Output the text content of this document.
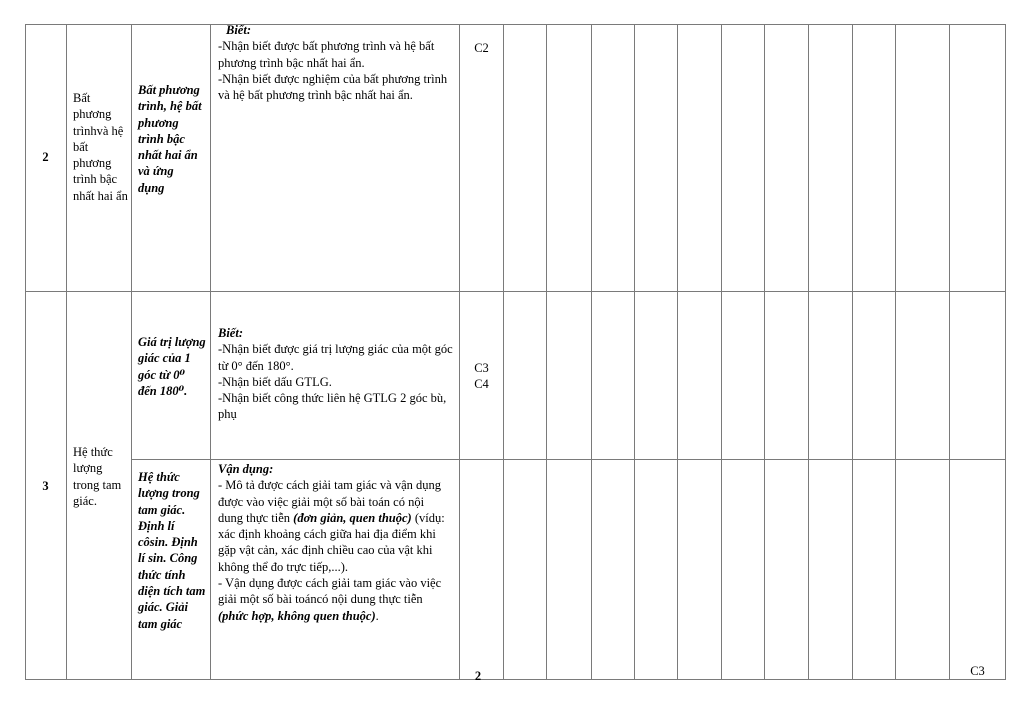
2
Bất phương trìnhvà hệ bất phương trình bậc nhất hai ẩn
Bất phương trình, hệ bất phương trình bậc nhất hai ẩn và ứng dụng
Biết:
-Nhận biết được bất phương trình và hệ bất phương trình bậc nhất hai ẩn.
-Nhận biết được nghiệm của bất phương trình và hệ bất phương trình bậc nhất hai ẩn.
C2
3
Hệ thức lượng trong tam giác.
Giá trị lượng giác của 1 góc từ 0⁰ đến 180⁰.
Biết:
-Nhận biết được giá trị lượng giác của một góc từ 0° đến 180°.
-Nhận biết dấu GTLG.
-Nhận biết công thức liên hệ GTLG 2 góc bù, phụ
C3
C4
Hệ thức lượng trong tam giác. Định lí côsin. Định lí sin. Công thức tính diện tích tam giác. Giải tam giác
Vận dụng:
- Mô tả được cách giải tam giác và vận dụng được vào việc giải một số bài toán có nội dung thực tiễn (đơn giản, quen thuộc) (vídụ: xác định khoảng cách giữa hai địa điểm khi gặp vật cản, xác định chiều cao của vật khi không thể đo trực tiếp,...).
- Vận dụng được cách giải tam giác vào việc giải một số bài toáncó nội dung thực tiễn (phức hợp, không quen thuộc).
2	C3
